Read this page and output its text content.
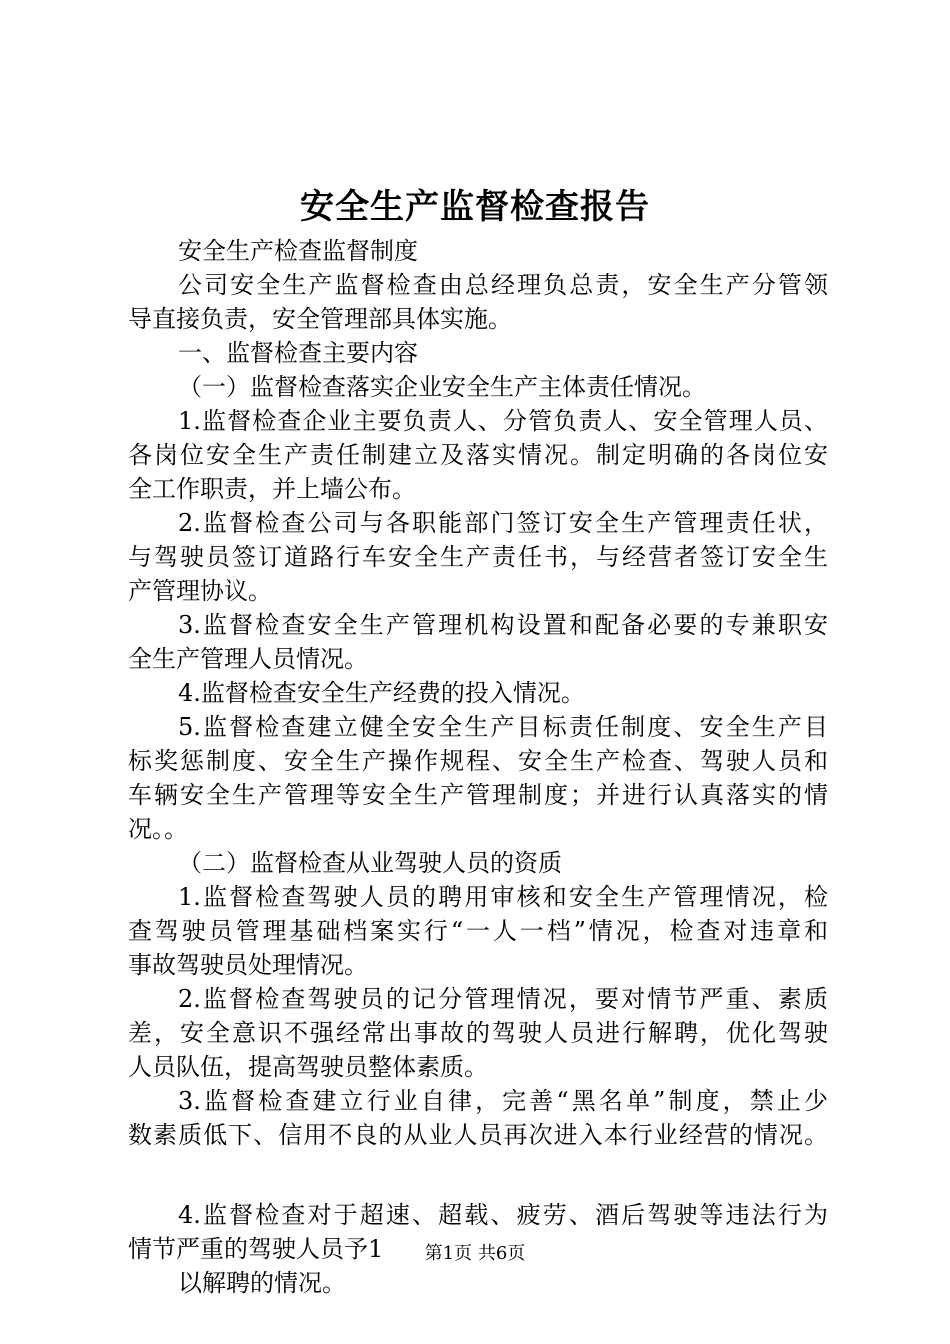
安全生产监督检查报告
安全生产检查监督制度
公司安全生产监督检查由总经理负总责，安全生产分管领
导直接负责，安全管理部具体实施。
一、监督检查主要内容
（一）监督检查落实企业安全生产主体责任情况。
1.监督检查企业主要负责人、分管负责人、安全管理人员、
各岗位安全生产责任制建立及落实情况。制定明确的各岗位安
全工作职责，并上墙公布。
2.监督检查公司与各职能部门签订安全生产管理责任状，
与驾驶员签订道路行车安全生产责任书，与经营者签订安全生
产管理协议。
3.监督检查安全生产管理机构设置和配备必要的专兼职安
全生产管理人员情况。
4.监督检查安全生产经费的投入情况。
5.监督检查建立健全安全生产目标责任制度、安全生产目
标奖惩制度、安全生产操作规程、安全生产检查、驾驶人员和
车辆安全生产管理等安全生产管理制度；并进行认真落实的情
况。。
（二）监督检查从业驾驶人员的资质
1.监督检查驾驶人员的聘用审核和安全生产管理情况，检
查驾驶员管理基础档案实行“一人一档”情况，检查对违章和
事故驾驶员处理情况。
2.监督检查驾驶员的记分管理情况，要对情节严重、素质
差，安全意识不强经常出事故的驾驶人员进行解聘，优化驾驶
人员队伍，提高驾驶员整体素质。
3.监督检查建立行业自律，完善“黑名单”制度，禁止少
数素质低下、信用不良的从业人员再次进入本行业经营的情况。
4.监督检查对于超速、超载、疲劳、酒后驾驶等违法行为
情节严重的驾驶人员予1
以解聘的情况。
第1页 共6页
